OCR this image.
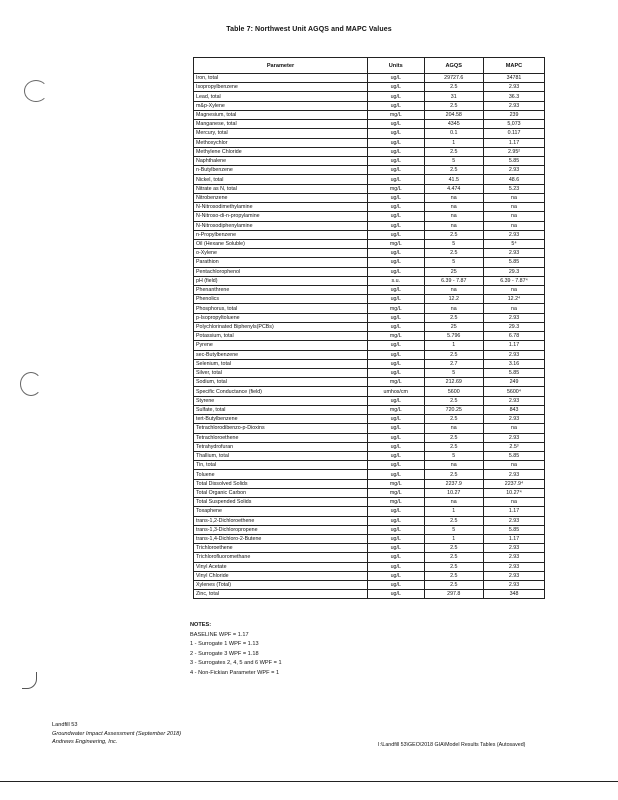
Table 7: Northwest Unit AGQS and MAPC Values
Parameter	Units	AGQS	MAPC
Iron, total	ug/L	29727.6	34781
Isopropylbenzene	ug/L	2.5	2.93
Lead, total	ug/L	31	36.3
m&p-Xylene	ug/L	2.5	2.93
Magnesium, total	mg/L	204.58	239
Manganese, total	ug/L	4345	5,073
Mercury, total	ug/L	0.1	0.117
Methoxychlor	ug/L	1	1.17
Methylene Chloride	ug/L	2.5	2.95²
Naphthalene	ug/L	5	5.85
n-Butylbenzene	ug/L	2.5	2.93
Nickel, total	ug/L	41.5	48.6
Nitrate as N, total	mg/L	4.474	5.23
Nitrobenzene	ug/L	na	na
N-Nitrosodimethylamine	ug/L	na	na
N-Nitroso-di-n-propylamine	ug/L	na	na
N-Nitrosodiphenylamine	ug/L	na	na
n-Propylbenzene	ug/L	2.5	2.93
Oil (Hexane Soluble)	mg/L	5	5⁴
o-Xylene	ug/L	2.5	2.93
Parathion	ug/L	5	5.85
Pentachlorophenol	ug/L	25	29.3
pH (field)	s.u.	6.39 - 7.87	6.39 - 7.87⁴
Phenanthrene	ug/L	na	na
Phenolics	ug/L	12.2	12.2⁴
Phosphorus, total	mg/L	na	na
p-Isopropyltoluene	ug/L	2.5	2.93
Polychlorinated Biphenyls(PCBs)	ug/L	25	29.3
Potassium, total	mg/L	5.796	6.78
Pyrene	ug/L	1	1.17
sec-Butylbenzene	ug/L	2.5	2.93
Selenium, total	ug/L	2.7	3.16
Silver, total	ug/L	5	5.85
Sodium, total	mg/L	212.69	249
Specific Conductance (field)	umhos/cm	5600	5600⁴
Styrene	ug/L	2.5	2.93
Sulfate, total	mg/L	720.25	843
tert-Butylbenzene	ug/L	2.5	2.93
Tetrachlorodibenzo-p-Dioxins	ug/L	na	na
Tetrachloroethene	ug/L	2.5	2.93
Tetrahydrofuran	ug/L	2.5	2.5³
Thallium, total	ug/L	5	5.85
Tin, total	ug/L	na	na
Toluene	ug/L	2.5	2.93
Total Dissolved Solids	mg/L	2237.9	2237.9⁴
Total Organic Carbon	mg/L	10.27	10.27⁴
Total Suspended Solids	mg/L	na	na
Toxaphene	ug/L	1	1.17
trans-1,2-Dichloroethene	ug/L	2.5	2.93
trans-1,3-Dichloropropene	ug/L	5	5.85
trans-1,4-Dichloro-2-Butene	ug/L	1	1.17
Trichloroethene	ug/L	2.5	2.93
Trichlorofluoromethane	ug/L	2.5	2.93
Vinyl Acetate	ug/L	2.5	2.93
Vinyl Chloride	ug/L	2.5	2.93
Xylenes (Total)	ug/L	2.5	2.93
Zinc, total	ug/L	297.8	348
NOTES:
BASELINE WPF = 1.17
1 - Surrogate 1 WPF = 1.13
2 - Surrogate 3 WPF = 1.18
3 - Surrogates 2, 4, 5 and 6 WPF = 1
4 - Non-Fickian Parameter WPF = 1
Landfill 53
Groundwater Impact Assessment (September 2018)
Andrews Engineering, Inc.	I:\Landfill 53\GEO\2018 GIA\Model Results Tables (Autosaved)
